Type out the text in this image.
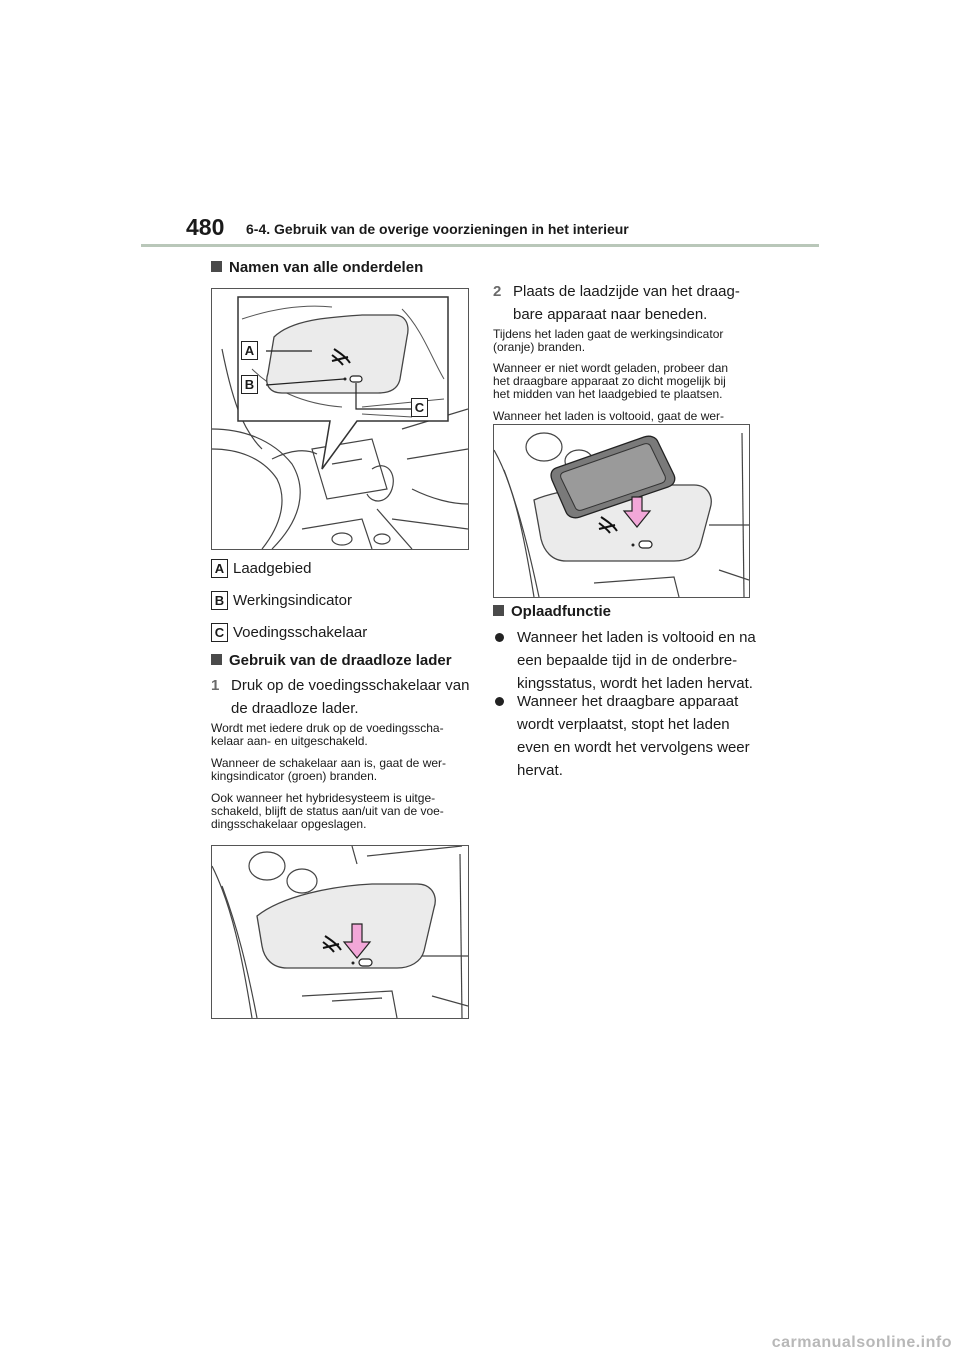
480 6-4. Gebruik van de overige voorzieningen in het interieur
Namen van alle onderdelen
A
B
C
A Laadgebied
B Werkingsindicator
C Voedingsschakelaar
Gebruik van de draadloze lader
1 Druk op de voedingsschakelaar van
de draadloze lader.
Wordt met iedere druk op de voedingsscha-
kelaar aan- en uitgeschakeld.
Wanneer de schakelaar aan is, gaat de wer-
kingsindicator (groen) branden.
Ook wanneer het hybridesysteem is uitge-
schakeld, blijft de status aan/uit van de voe-
dingsschakelaar opgeslagen.
2 Plaats de laadzijde van het draag-
bare apparaat naar beneden.
Tijdens het laden gaat de werkingsindicator
(oranje) branden.
Wanneer er niet wordt geladen, probeer dan
het draagbare apparaat zo dicht mogelijk bij
het midden van het laadgebied te plaatsen.
Wanneer het laden is voltooid, gaat de wer-
Oplaadfunctie
Wanneer het laden is voltooid en na
een bepaalde tijd in de onderbre-
kingsstatus, wordt het laden hervat.
Wanneer het draagbare apparaat
wordt verplaatst, stopt het laden
even en wordt het vervolgens weer
hervat.
carmanualsonline.info
